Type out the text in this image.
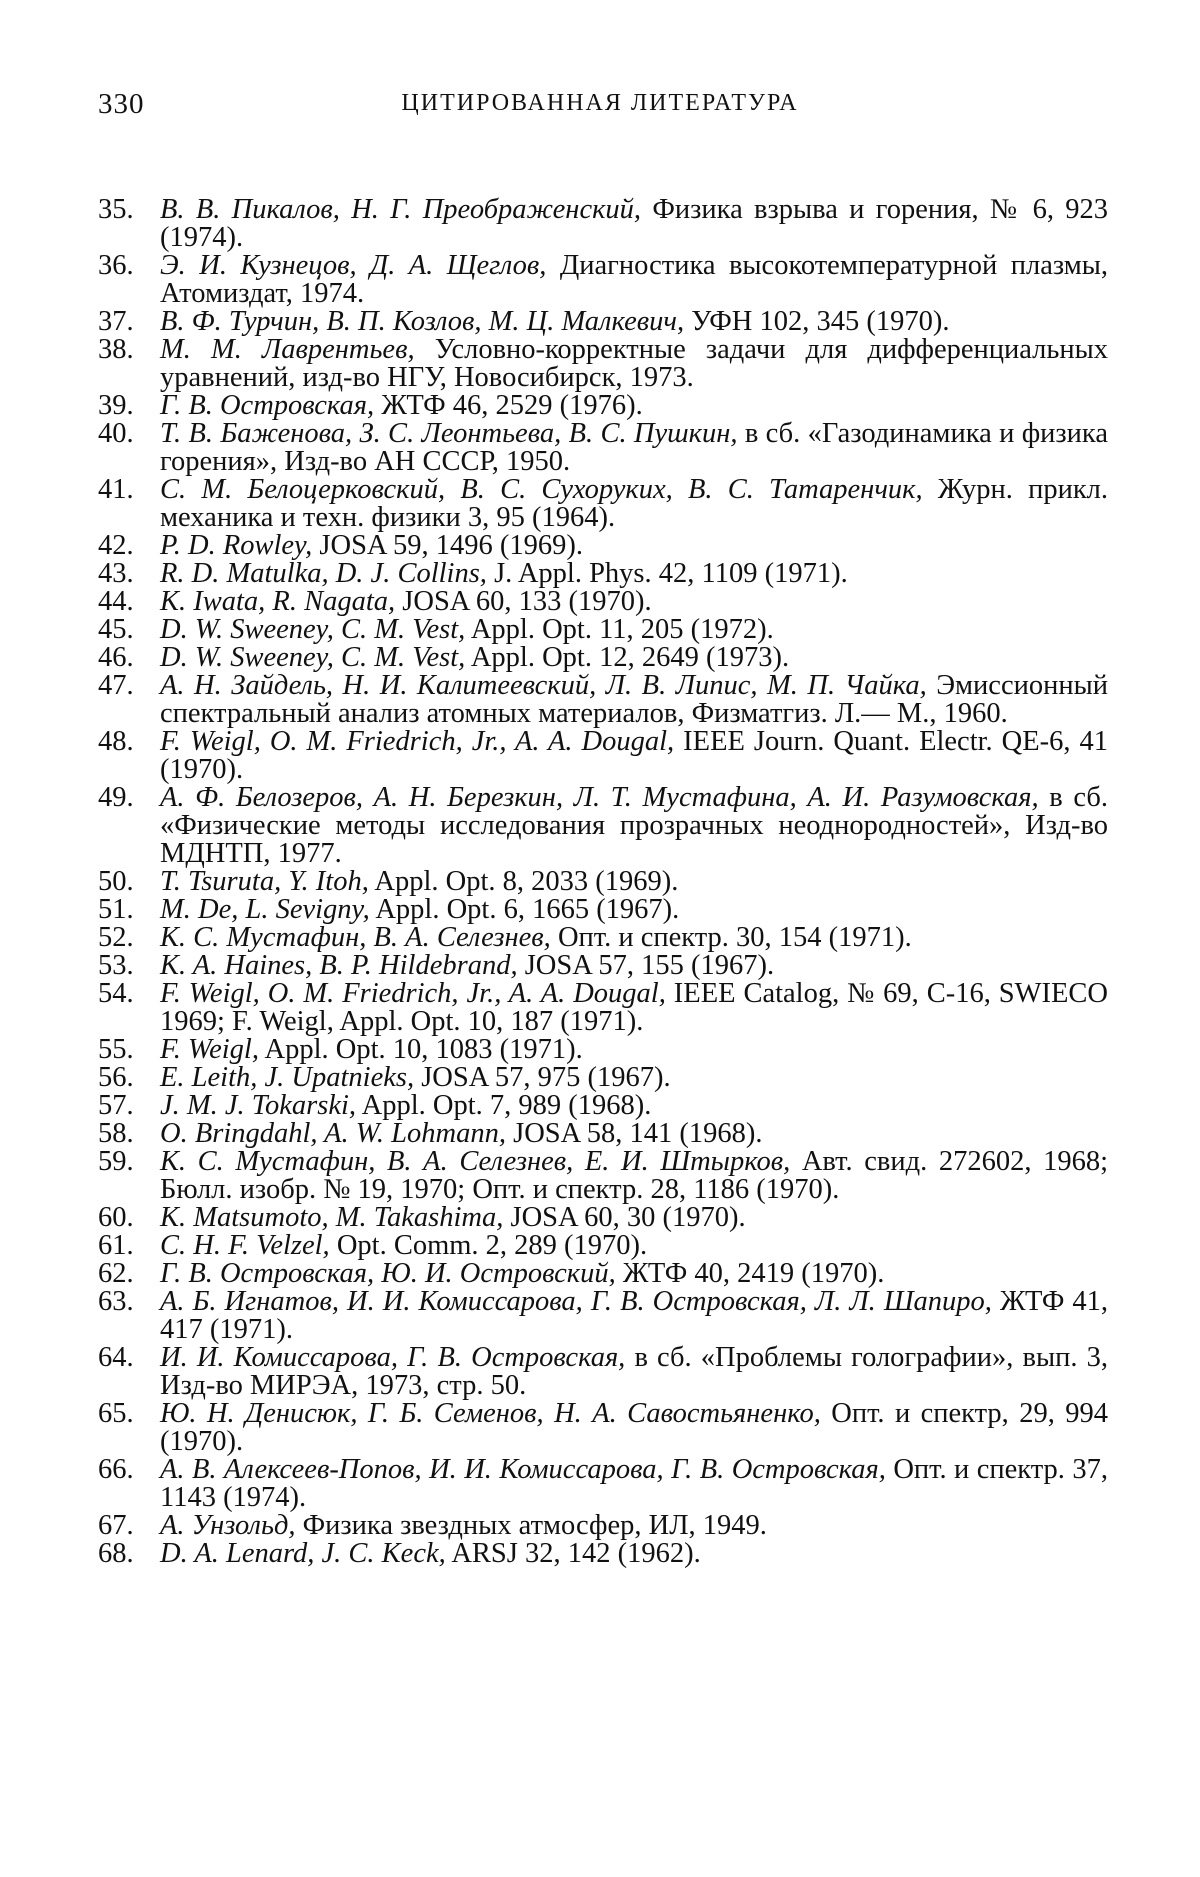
330	ЦИТИРОВАННАЯ ЛИТЕРАТУРА
35. В. В. Пикалов, Н. Г. Преображенский, Физика взрыва и горения, № 6, 923 (1974).
36. Э. И. Кузнецов, Д. А. Щеглов, Диагностика высокотемпературной плазмы, Атомиздат, 1974.
37. В. Ф. Турчин, В. П. Козлов, М. Ц. Малкевич, УФН 102, 345 (1970).
38. М. М. Лаврентьев, Условно-корректные задачи для дифференциальных уравнений, изд-во НГУ, Новосибирск, 1973.
39. Г. В. Островская, ЖТФ 46, 2529 (1976).
40. Т. В. Баженова, З. С. Леонтьева, В. С. Пушкин, в сб. «Газодинамика и физика горения», Изд-во АН СССР, 1950.
41. С. М. Белоцерковский, В. С. Сухоруких, В. С. Татаренчик, Журн. прикл. механика и техн. физики 3, 95 (1964).
42. P. D. Rowley, JOSA 59, 1496 (1969).
43. R. D. Matulka, D. J. Collins, J. Appl. Phys. 42, 1109 (1971).
44. K. Iwata, R. Nagata, JOSA 60, 133 (1970).
45. D. W. Sweeney, C. M. Vest, Appl. Opt. 11, 205 (1972).
46. D. W. Sweeney, C. M. Vest, Appl. Opt. 12, 2649 (1973).
47. А. Н. Зайдель, Н. И. Калитеевский, Л. В. Липис, М. П. Чайка, Эмиссионный спектральный анализ атомных материалов, Физматгиз. Л.— М., 1960.
48. F. Weigl, O. M. Friedrich, Jr., A. A. Dougal, IEEE Journ. Quant. Electr. QE-6, 41 (1970).
49. А. Ф. Белозеров, А. Н. Березкин, Л. Т. Мустафина, А. И. Разумовская, в сб. «Физические методы исследования прозрачных неоднородностей», Изд-во МДНТП, 1977.
50. T. Tsuruta, Y. Itoh, Appl. Opt. 8, 2033 (1969).
51. M. De, L. Sevigny, Appl. Opt. 6, 1665 (1967).
52. К. С. Мустафин, В. А. Селезнев, Опт. и спектр. 30, 154 (1971).
53. K. A. Haines, B. P. Hildebrand, JOSA 57, 155 (1967).
54. F. Weigl, O. M. Friedrich, Jr., A. A. Dougal, IEEE Catalog, № 69, C-16, SWIECO 1969; F. Weigl, Appl. Opt. 10, 187 (1971).
55. F. Weigl, Appl. Opt. 10, 1083 (1971).
56. E. Leith, J. Upatnieks, JOSA 57, 975 (1967).
57. J. M. J. Tokarski, Appl. Opt. 7, 989 (1968).
58. O. Bringdahl, A. W. Lohmann, JOSA 58, 141 (1968).
59. К. С. Мустафин, В. А. Селезнев, Е. И. Штырков, Авт. свид. 272602, 1968; Бюлл. изобр. № 19, 1970; Опт. и спектр. 28, 1186 (1970).
60. K. Matsumoto, M. Takashima, JOSA 60, 30 (1970).
61. C. H. F. Velzel, Opt. Comm. 2, 289 (1970).
62. Г. В. Островская, Ю. И. Островский, ЖТФ 40, 2419 (1970).
63. А. Б. Игнатов, И. И. Комиссарова, Г. В. Островская, Л. Л. Шапиро, ЖТФ 41, 417 (1971).
64. И. И. Комиссарова, Г. В. Островская, в сб. «Проблемы голографии», вып. 3, Изд-во МИРЭА, 1973, стр. 50.
65. Ю. Н. Денисюк, Г. Б. Семенов, Н. А. Савостьяненко, Опт. и спектр, 29, 994 (1970).
66. А. В. Алексеев-Попов, И. И. Комиссарова, Г. В. Островская, Опт. и спектр. 37, 1143 (1974).
67. А. Унзольд, Физика звездных атмосфер, ИЛ, 1949.
68. D. A. Lenard, J. C. Keck, ARSJ 32, 142 (1962).
